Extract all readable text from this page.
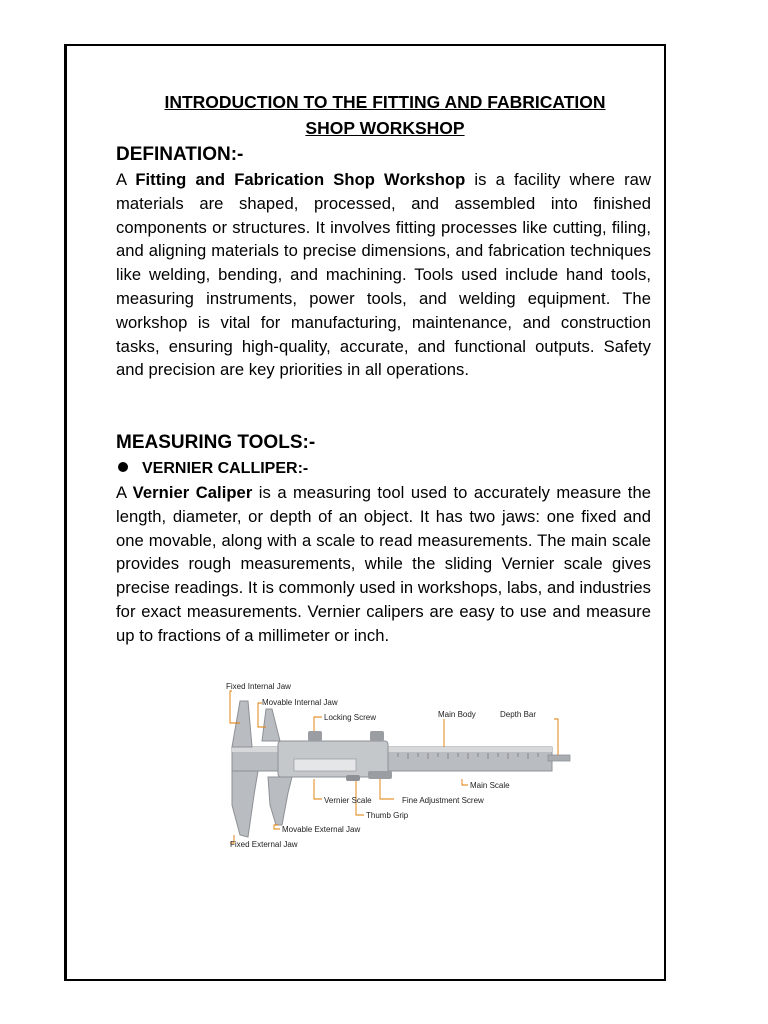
INTRODUCTION TO THE FITTING AND FABRICATION
SHOP WORKSHOP
DEFINATION:-
A Fitting and Fabrication Shop Workshop is a facility where raw materials are shaped, processed, and assembled into finished components or structures. It involves fitting processes like cutting, filing, and aligning materials to precise dimensions, and fabrication techniques like welding, bending, and machining. Tools used include hand tools, measuring instruments, power tools, and welding equipment. The workshop is vital for manufacturing, maintenance, and construction tasks, ensuring high-quality, accurate, and functional outputs. Safety and precision are key priorities in all operations.
MEASURING TOOLS:-
VERNIER CALLIPER:-
A Vernier Caliper is a measuring tool used to accurately measure the length, diameter, or depth of an object. It has two jaws: one fixed and one movable, along with a scale to read measurements. The main scale provides rough measurements, while the sliding Vernier scale gives precise readings. It is commonly used in workshops, labs, and industries for exact measurements. Vernier calipers are easy to use and measure up to fractions of a millimeter or inch.
Fixed Internal Jaw
Movable Internal Jaw
Locking Screw	Main Body	Depth Bar
Main Scale
Vernier Scale	Fine Adjustment Screw
Thumb Grip
Movable External Jaw
Fixed External Jaw
